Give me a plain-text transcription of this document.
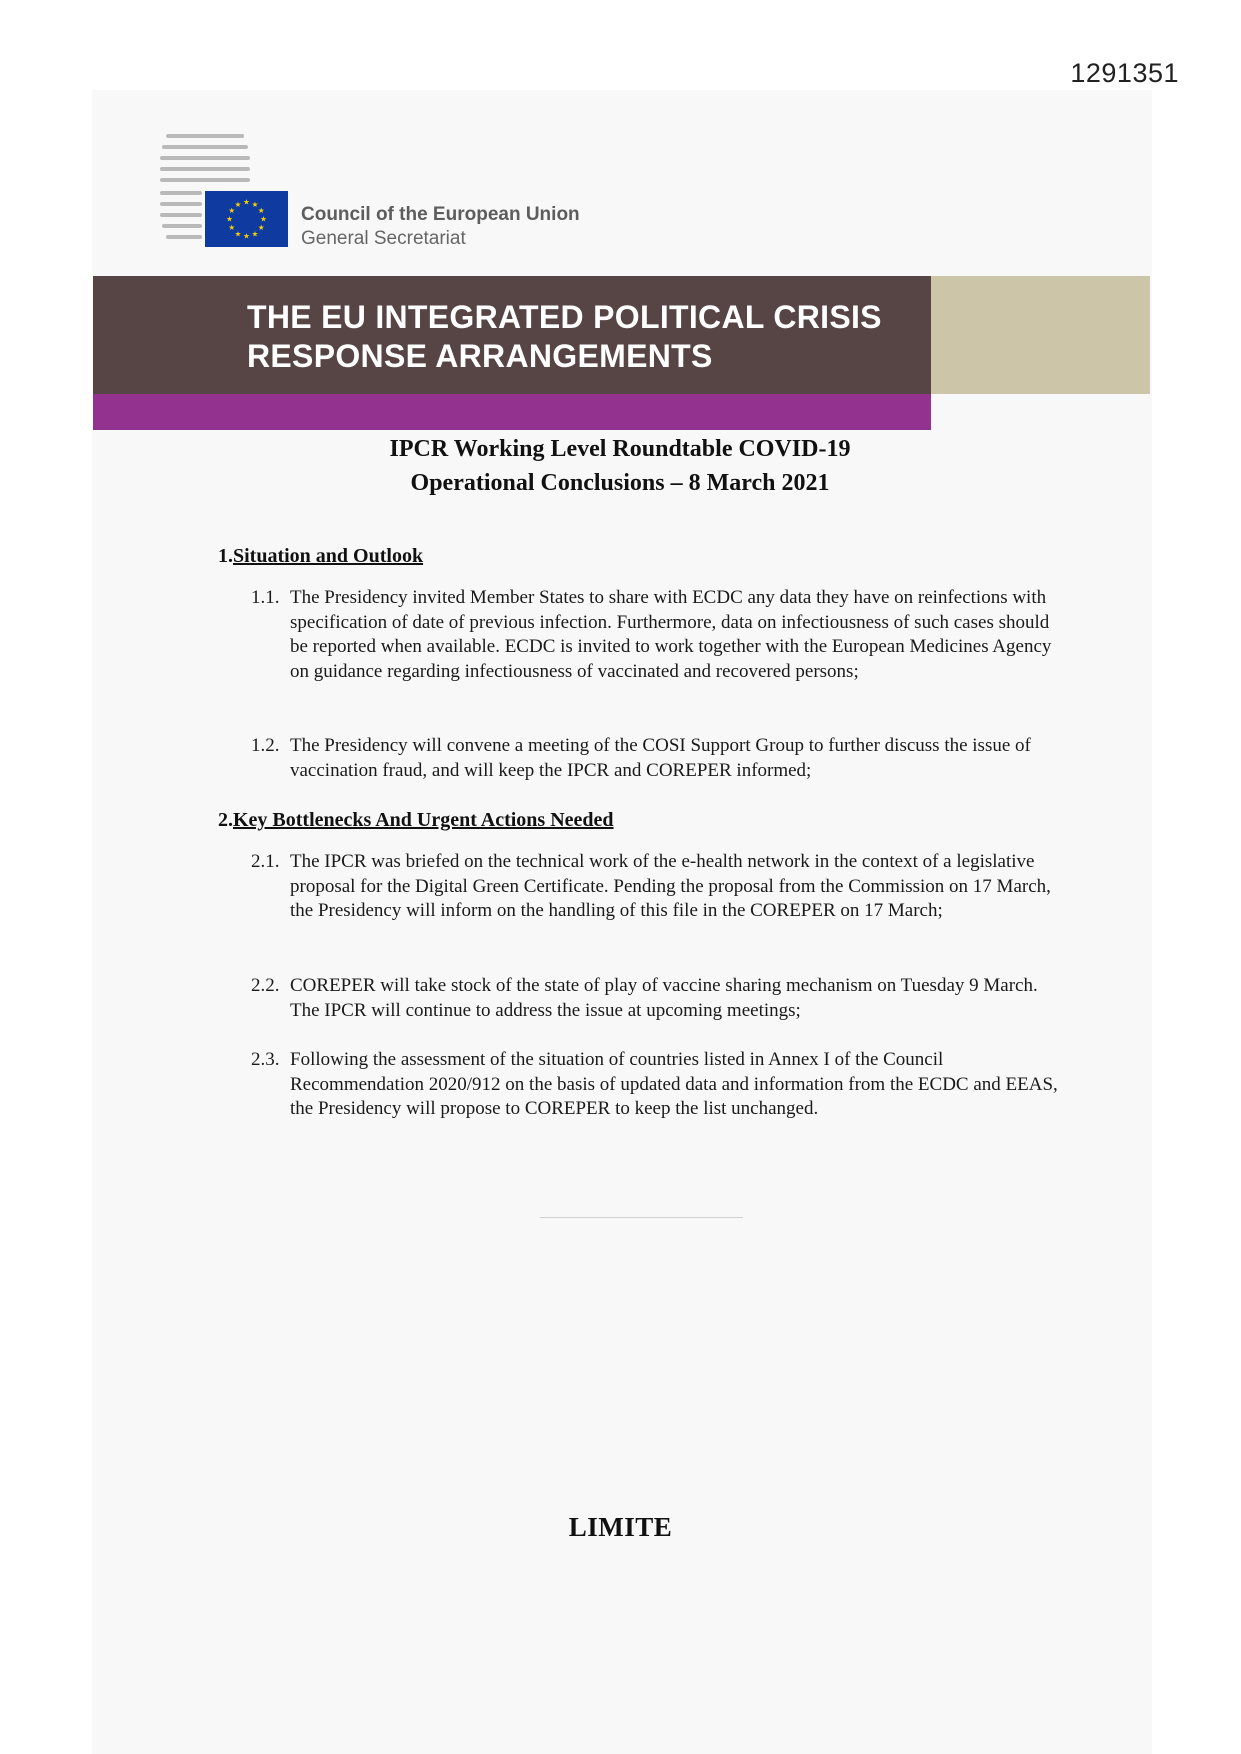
1291351
★ ★
★
★
★
★
★
★
★
★
★
★	Council of the European Union
General Secretariat
THE EU INTEGRATED POLITICAL CRISIS
RESPONSE ARRANGEMENTS
IPCR Working Level Roundtable COVID-19
Operational Conclusions – 8 March 2021
1.Situation and Outlook
1.1. The Presidency invited Member States to share with ECDC any data they have on reinfections with specification of date of previous infection. Furthermore, data on infectiousness of such cases should be reported when available. ECDC is invited to work together with the European Medicines Agency on guidance regarding infectiousness of vaccinated and recovered persons;
1.2. The Presidency will convene a meeting of the COSI Support Group to further discuss the issue of vaccination fraud, and will keep the IPCR and COREPER informed;
2.Key Bottlenecks And Urgent Actions Needed
2.1. The IPCR was briefed on the technical work of the e-health network in the context of a legislative proposal for the Digital Green Certificate. Pending the proposal from the Commission on 17 March, the Presidency will inform on the handling of this file in the COREPER on 17 March;
2.2. COREPER will take stock of the state of play of vaccine sharing mechanism on Tuesday 9 March. The IPCR will continue to address the issue at upcoming meetings;
2.3. Following the assessment of the situation of countries listed in Annex I of the Council Recommendation 2020/912 on the basis of updated data and information from the ECDC and EEAS, the Presidency will propose to COREPER to keep the list unchanged.
LIMITE
